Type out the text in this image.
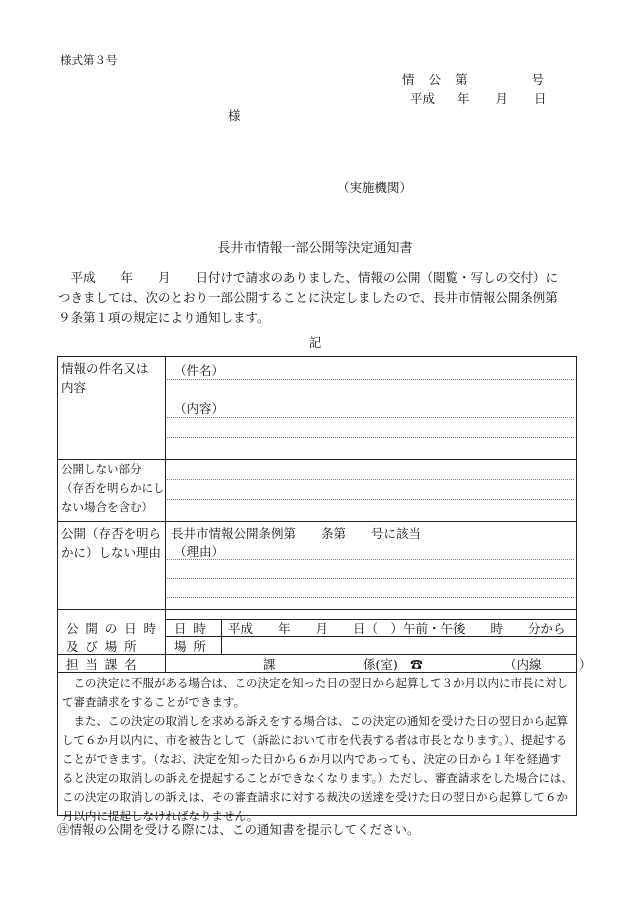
様式第３号
情 公 第	号
平成 年 月 日
様
（実施機関）
長井市情報一部公開等決定通知書
　平成　　年　　月　　日付けで請求のありました、情報の公開（閲覧・写しの交付）に
つきましては、次のとおり一部公開することに決定しましたので、長井市情報公開条例第
９条第１項の規定により通知します。
記
情報の件名又は
内容
（件名）
（内容）
公開しない部分
（存否を明らかにし
ない場合を含む）
公開（存否を明ら
かに）しない理由
長井市情報公開条例第　　条第　　号に該当
（理由）
公開の日時
及び場所
日時 平成　　年　　月　　日（　）午前・午後　　時　　分から
場所
担当課名	課　　　　　　　係(室)　☎　　　　　　　（内線　　　）
　この決定に不服がある場合は、この決定を知った日の翌日から起算して３か月以内に市長に対し
て審査請求をすることができます。
　また、この決定の取消しを求める訴えをする場合は、この決定の通知を受けた日の翌日から起算
して６か月以内に、市を被告として（訴訟において市を代表する者は市長となります。）、提起する
ことができます。（なお、決定を知った日から６か月以内であっても、決定の日から１年を経過す
ると決定の取消しの訴えを提起することができなくなります。）ただし、審査請求をした場合には、
この決定の取消しの訴えは、その審査請求に対する裁決の送達を受けた日の翌日から起算して６か
月以内に提起しなければなりません。
㊟情報の公開を受ける際には、この通知書を提示してください。
